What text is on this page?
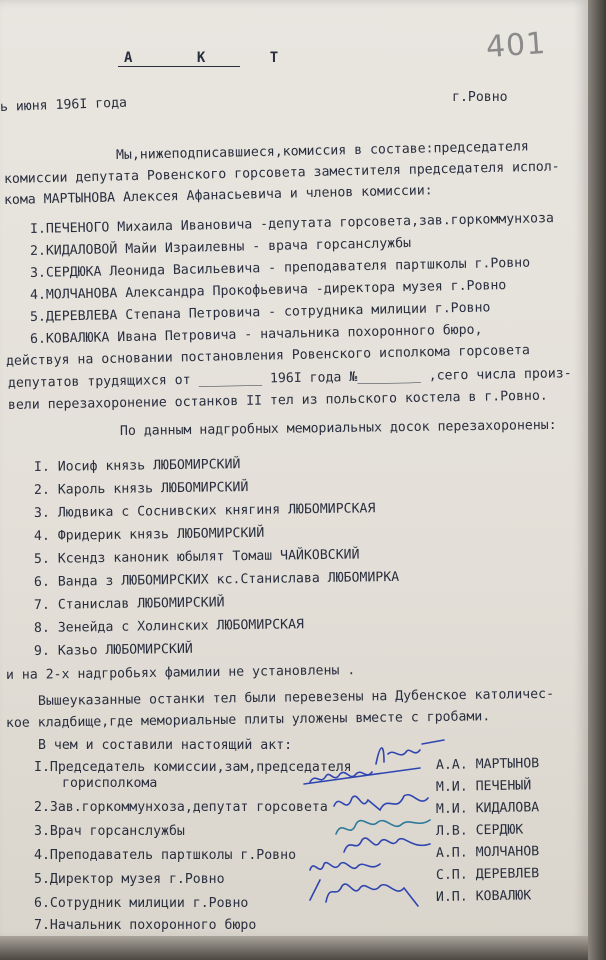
401
А К Т
ь июня 196I года	г.Ровно
Мы,нижеподписавшиеся,комиссия в составе:председателя
комиссии депутата Ровенского горсовета заместителя председателя испол-
кома МАРТЫНОВА Алексея Афанасьевича и членов комиссии:
I.ПЕЧЕНОГО Михаила Ивановича -депутата горсовета,зав.горкоммунхоза
2.КИДАЛОВОЙ Майи Израилевны - врача горсанслужбы
3.СЕРДЮКА Леонида Васильевича - преподавателя партшколы г.Ровно
4.МОЛЧАНОВА Александра Прокофьевича -директора музея г.Ровно
5.ДЕРЕВЛЕВА Степана Петровича - сотрудника милиции г.Ровно
6.КОВАЛЮКА Ивана Петровича - начальника похоронного бюро,
действуя на основании постановления Ровенского исполкома горсовета
депутатов трудящихся от ________ 196I года №________ ,сего числа произ-
вели перезахоронение останков II тел из польского костела в г.Ровно.
По данным надгробных мемориальных досок перезахоронены:
I. Иосиф князь ЛЮБОМИРСКИЙ
2. Кароль князь ЛЮБОМИРСКИЙ
3. Людвика с Соснивских княгиня ЛЮБОМИРСКАЯ
4. Фридерик князь ЛЮБОМИРСКИЙ
5. Ксендз каноник юбылят Томаш ЧАЙКОВСКИЙ
6. Ванда з ЛЮБОМИРСКИХ кс.Станислава ЛЮБОМИРКА
7. Станислав ЛЮБОМИРСКИЙ
8. Зенейда с Холинских ЛЮБОМИРСКАЯ
9. Казьо ЛЮБОМИРСКИЙ
и на 2-х надгробьях фамилии не установлены .
Вышеуказанные останки тел были перевезены на Дубенское католичес-
кое кладбище,где мемориальные плиты уложены вместе с гробами.
В чем и составили настоящий акт:
I.Председатель комиссии,зам,председателя	А.А. МАРТЫНОВ
горисполкома	М.И. ПЕЧЕНЫЙ
2.Зав.горкоммунхоза,депутат горсовета	М.И. КИДАЛОВА
3.Врач горсанслужбы	Л.В. СЕРДЮК
4.Преподаватель партшколы г.Ровно	А.П. МОЛЧАНОВ
5.Директор музея г.Ровно	С.П. ДЕРЕВЛЕВ
6.Сотрудник милиции г.Ровно	И.П. КОВАЛЮК
7.Начальник похоронного бюро
